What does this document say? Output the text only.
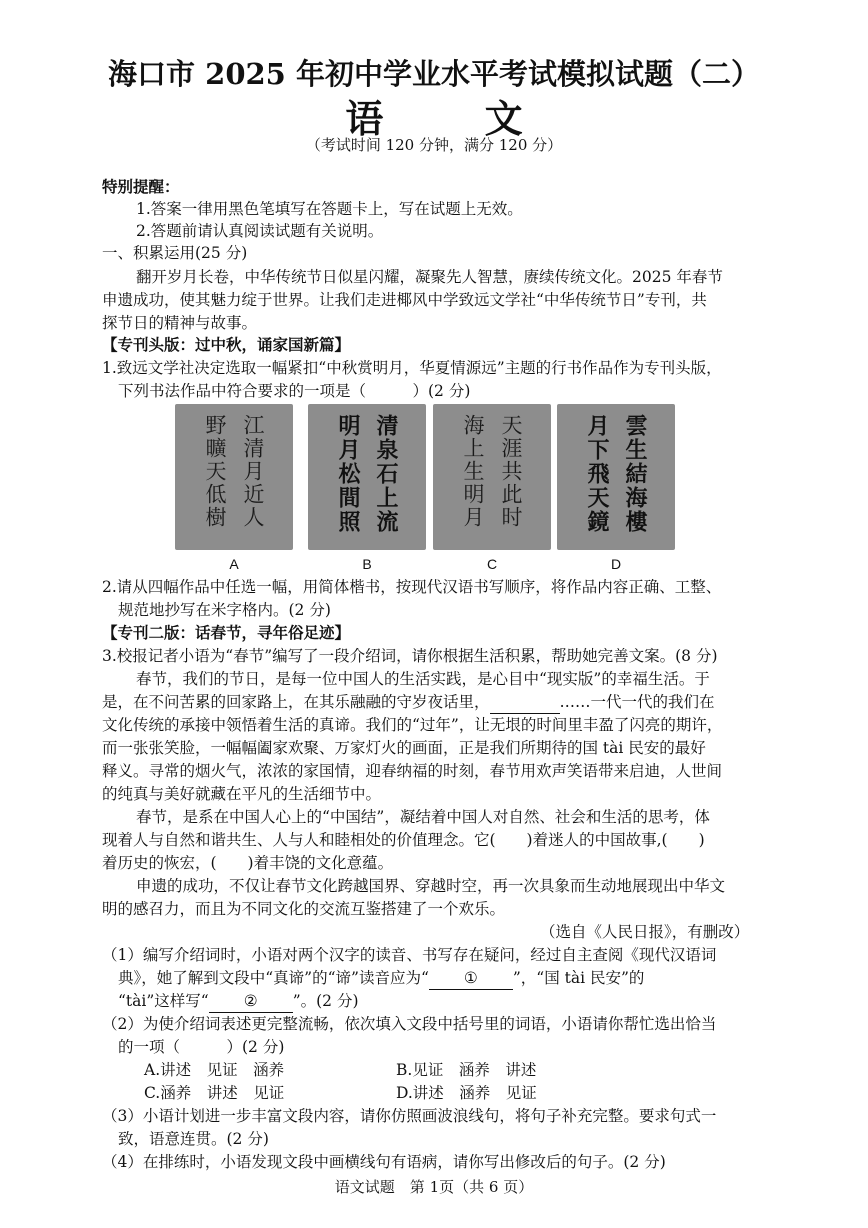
海口市 2025 年初中学业水平考试模拟试题（二）
语 文
（考试时间 120 分钟，满分 120 分）
特别提醒：
1.答案一律用黑色笔填写在答题卡上，写在试题上无效。
2.答题前请认真阅读试题有关说明。
一、积累运用(25 分)
翻开岁月长卷，中华传统节日似星闪耀，凝聚先人智慧，赓续传统文化。2025 年春节
申遗成功，使其魅力绽于世界。让我们走进椰风中学致远文学社“中华传统节日”专刊，共
探节日的精神与故事。
【专刊头版：过中秋，诵家国新篇】
1.致远文学社决定选取一幅紧扣“中秋赏明月，华夏情源远”主题的行书作品作为专刊头版，
下列书法作品中符合要求的一项是（　　　）(2 分)
野曠天低樹 江清月近人	明月松間照 清泉石上流	海上生明月 天涯共此时	月下飛天鏡 雲生結海樓
A	B	C	D
2.请从四幅作品中任选一幅，用简体楷书，按现代汉语书写顺序，将作品内容正确、工整、
规范地抄写在米字格内。(2 分)
【专刊二版：话春节，寻年俗足迹】
3.校报记者小语为“春节”编写了一段介绍词，请你根据生活积累，帮助她完善文案。(8 分)
春节，我们的节日，是每一位中国人的生活实践，是心目中“现实版”的幸福生活。于
是，在不问苦累的回家路上，在其乐融融的守岁夜话里，	……一代一代的我们在
文化传统的承接中领悟着生活的真谛。我们的“过年”，让无垠的时间里丰盈了闪亮的期许，
而一张张笑脸，一幅幅阖家欢聚、万家灯火的画面，正是我们所期待的国 tài 民安的最好
释义。寻常的烟火气，浓浓的家国情，迎春纳福的时刻，春节用欢声笑语带来启迪，人世间
的纯真与美好就藏在平凡的生活细节中。
春节，是系在中国人心上的“中国结”，凝结着中国人对自然、社会和生活的思考，体
现着人与自然和谐共生、人与人和睦相处的价值理念。它(　　)着迷人的中国故事,(　　)
着历史的恢宏，(　　)着丰饶的文化意蕴。
申遗的成功，不仅让春节文化跨越国界、穿越时空，再一次具象而生动地展现出中华文
明的感召力，而且为不同文化的交流互鉴搭建了一个欢乐。
（选自《人民日报》，有删改）
（1）编写介绍词时，小语对两个汉字的读音、书写存在疑问，经过自主查阅《现代汉语词
典》，她了解到文段中“真谛”的“谛”读音应为“ ① ”，“国 tài 民安”的
“tài”这样写“ ② ”。(2 分)
（2）为使介绍词表述更完整流畅，依次填入文段中括号里的词语，小语请你帮忙选出恰当
的一项（　　　）(2 分)
A.讲述　见证　涵养	B.见证　涵养　讲述
C.涵养　讲述　见证	D.讲述　涵养　见证
（3）小语计划进一步丰富文段内容，请你仿照画波浪线句，将句子补充完整。要求句式一
致，语意连贯。(2 分)
（4）在排练时，小语发现文段中画横线句有语病，请你写出修改后的句子。(2 分)
语文试题　第 1页（共 6 页）
